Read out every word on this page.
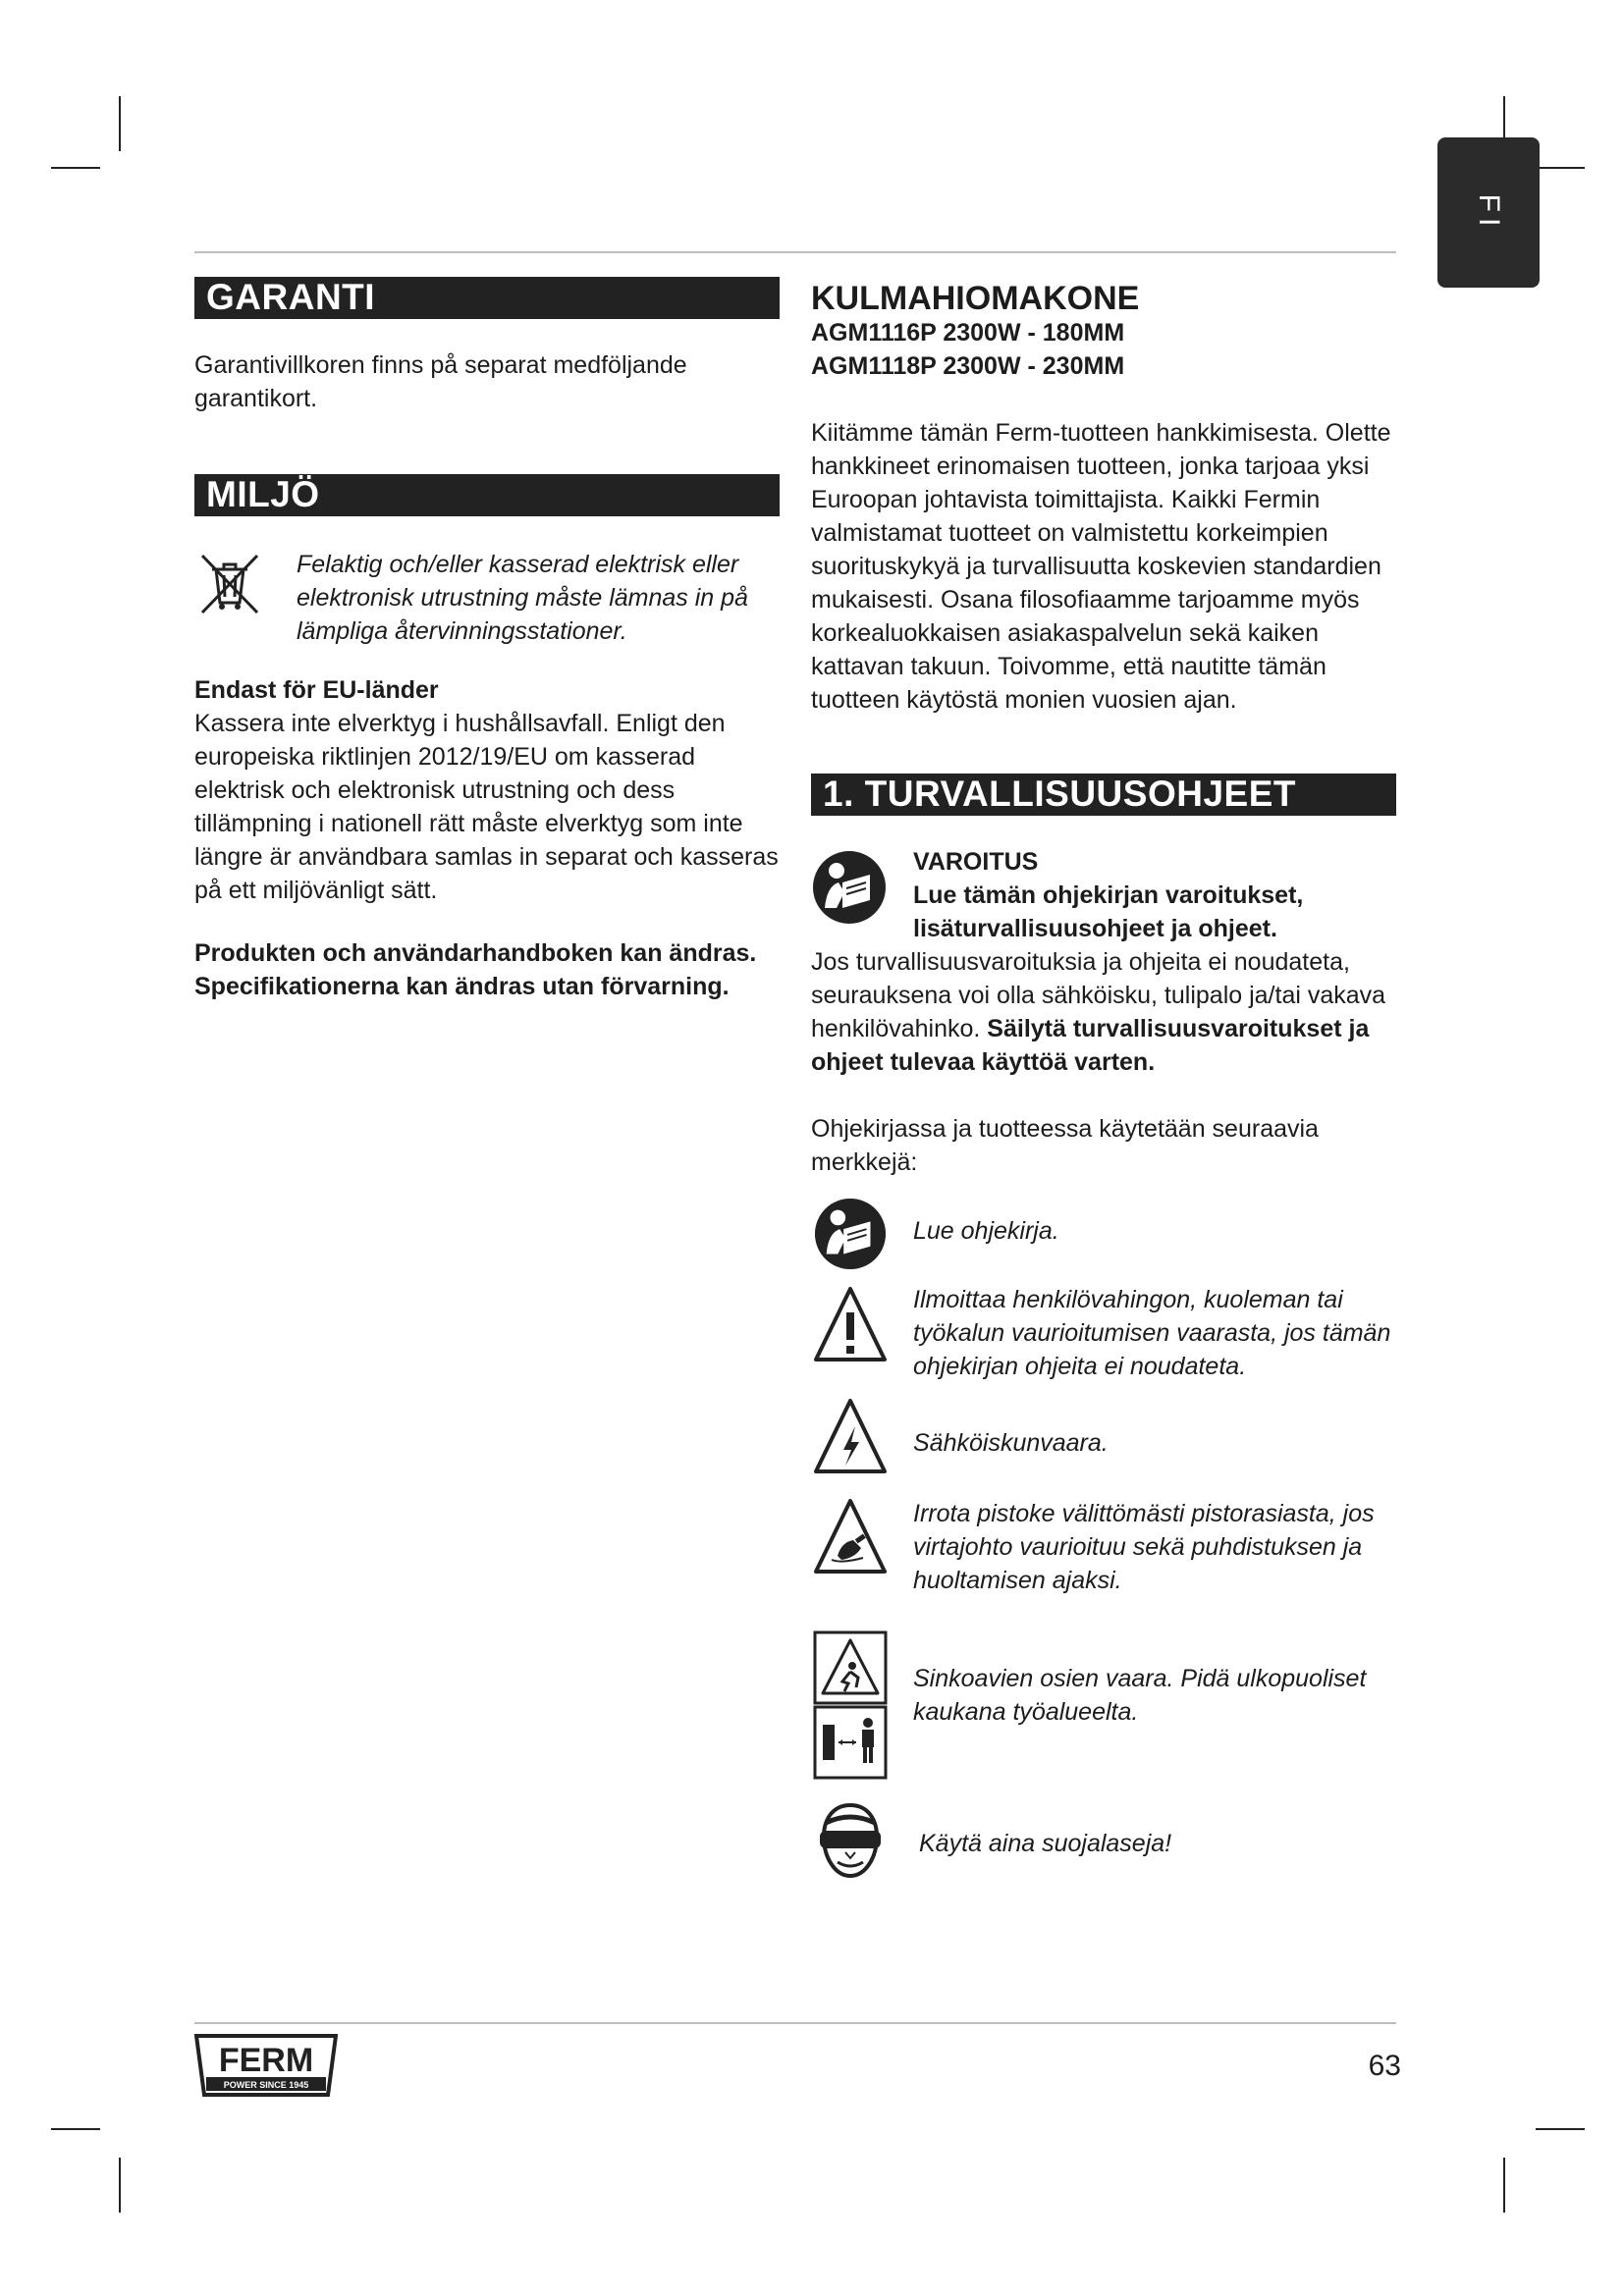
FI
GARANTI

Garantivillkoren finns på separat medföljande garantikort.

MILJÖ

Felaktig och/eller kasserad elektrisk eller elektronisk utrustning måste lämnas in på lämpliga återvinningsstationer.

Endast för EU-länder

Kassera inte elverktyg i hushållsavfall. Enligt den europeiska riktlinjen 2012/19/EU om kasserad elektrisk och elektronisk utrustning och dess tillämpning i nationell rätt måste elverktyg som inte längre är användbara samlas in separat och kasseras på ett miljövänligt sätt.

Produkten och användarhandboken kan ändras. Specifikationerna kan ändras utan förvarning.

KULMAHIOMAKONE
AGM1116P 2300W - 180MM
AGM1118P 2300W - 230MM

Kiitämme tämän Ferm-tuotteen hankkimisesta. Olette hankkineet erinomaisen tuotteen, jonka tarjoaa yksi Euroopan johtavista toimittajista. Kaikki Fermin valmistamat tuotteet on valmistettu korkeimpien suorituskykyä ja turvallisuutta koskevien standardien mukaisesti. Osana filosofiaamme tarjoamme myös korkealuokkaisen asiakaspalvelun sekä kaiken kattavan takuun. Toivomme, että nautitte tämän tuotteen käytöstä monien vuosien ajan.

1. TURVALLISUUSOHJEET

VAROITUS

Lue tämän ohjekirjan varoitukset, lisäturvallisuusohjeet ja ohjeet.

Jos turvallisuusvaroituksia ja ohjeita ei noudateta, seurauksena voi olla sähköisku, tulipalo ja/tai vakava henkilövahinko. Säilytä turvallisuusvaroitukset ja ohjeet tulevaa käyttöä varten.

Ohjekirjassa ja tuotteessa käytetään seuraavia merkkejä:

Lue ohjekirja.

Ilmoittaa henkilövahingon, kuoleman tai työkalun vaurioitumisen vaarasta, jos tämän ohjekirjan ohjeita ei noudateta.

Sähköiskunvaara.

Irrota pistoke välittömästi pistorasiasta, jos virtajohto vaurioituu sekä puhdistuksen ja huoltamisen ajaksi.

Sinkoavien osien vaara. Pidä ulkopuoliset kaukana työalueelta.

Käytä aina suojalaseja!

FERM
POWER SINCE 1945
63
